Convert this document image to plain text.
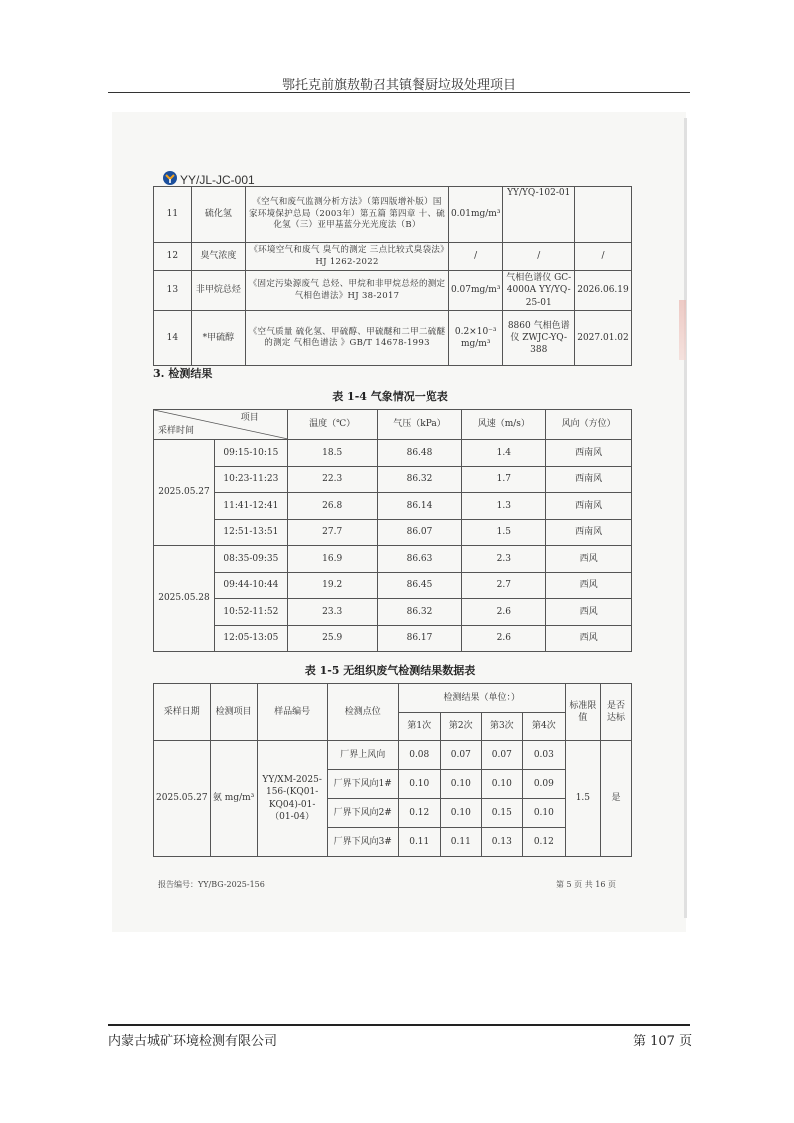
鄂托克前旗敖勒召其镇餐厨垃圾处理项目
YY/JL-JC-001
11	硫化氢	《空气和废气监测分析方法》（第四版增补版）国家环境保护总局（2003年）第五篇 第四章 十、硫化氢（三）亚甲基蓝分光光度法（B）	0.01mg/m³	YY/YQ-102-01	
12	臭气浓度	《环境空气和废气 臭气的测定 三点比较式臭袋法》HJ 1262-2022	/	/	/
13	非甲烷总烃	《固定污染源废气 总烃、甲烷和非甲烷总烃的测定气相色谱法》HJ 38-2017	0.07mg/m³	气相色谱仪 GC-4000A YY/YQ-25-01	2026.06.19
14	*甲硫醇	《空气质量 硫化氢、甲硫醇、甲硫醚和二甲二硫醚的测定 气相色谱法 》GB/T 14678-1993	0.2×10⁻³ mg/m³	8860 气相色谱仪 ZWJC-YQ-388	2027.01.02
3. 检测结果
表 1-4 气象情况一览表
项目
采样时间		温度（℃）	气压（kPa）	风速（m/s）	风向（方位）
2025.05.27	09:15-10:15	18.5	86.48	1.4	西南风
	10:23-11:23	22.3	86.32	1.7	西南风
	11:41-12:41	26.8	86.14	1.3	西南风
	12:51-13:51	27.7	86.07	1.5	西南风
2025.05.28	08:35-09:35	16.9	86.63	2.3	西风
	09:44-10:44	19.2	86.45	2.7	西风
	10:52-11:52	23.3	86.32	2.6	西风
	12:05-13:05	25.9	86.17	2.6	西风
表 1-5 无组织废气检测结果数据表
采样日期	检测项目	样品编号	检测点位	检测结果（单位：）				标准限值	是否达标
				第1次	第2次	第3次	第4次		
2025.05.27	氨 mg/m³	YY/XM-2025-156-(KQ01-KQ04)-01-（01-04）	厂界上风向	0.08	0.07	0.07	0.03	1.5	是
			厂界下风向1#	0.10	0.10	0.10	0.09		
			厂界下风向2#	0.12	0.10	0.15	0.10		
			厂界下风向3#	0.11	0.11	0.13	0.12		
报告编号：YY/BG-2025-156	第 5 页 共 16 页
内蒙古城矿环境检测有限公司	第 107 页
